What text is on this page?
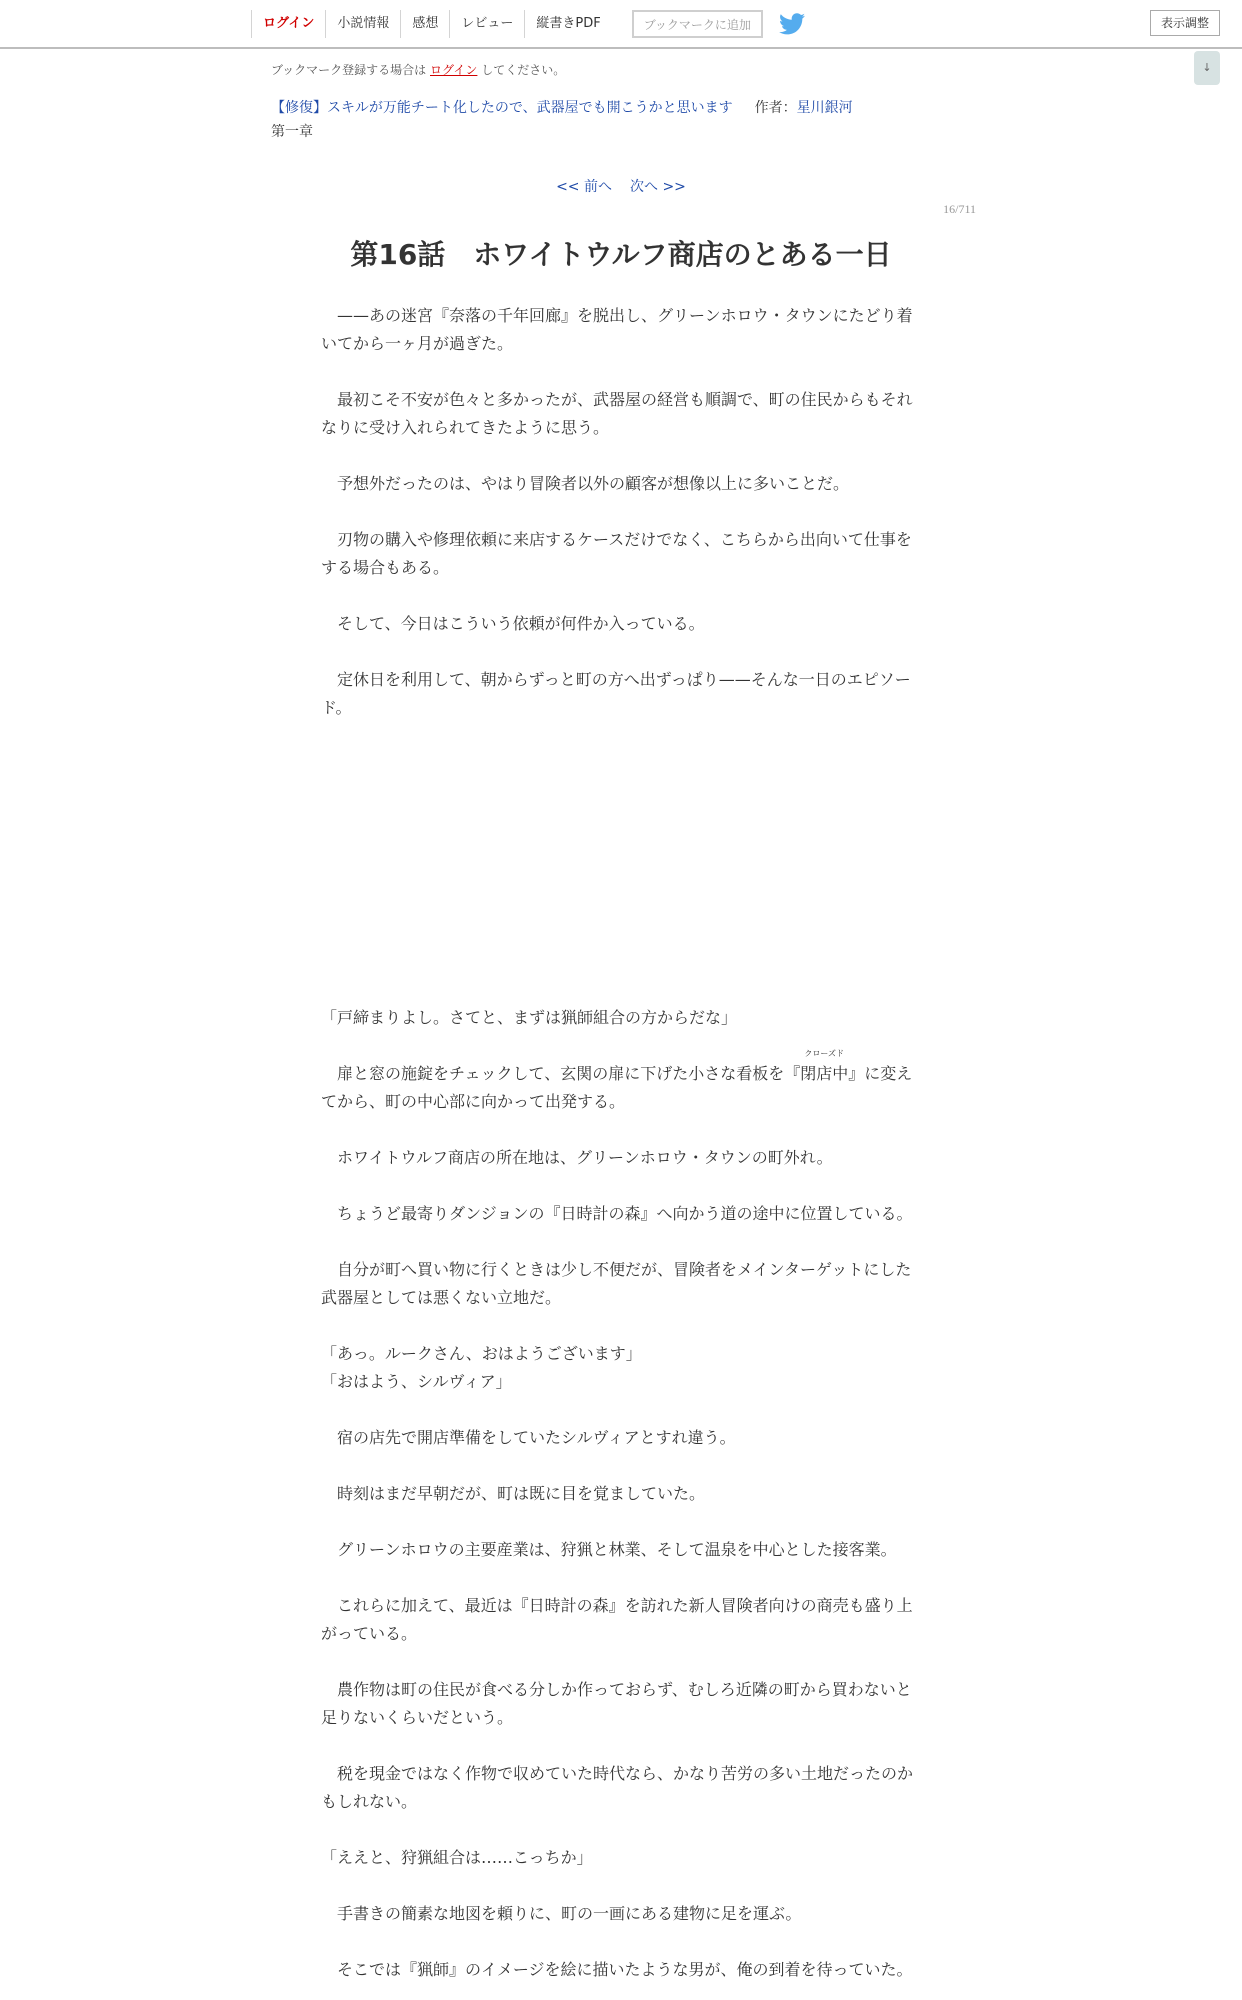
ログイン	小説情報	感想	レビュー	縦書きPDF	ブックマークに追加	表示調整
↓
ブックマーク登録する場合は ログイン してください。
【修復】スキルが万能チート化したので、武器屋でも開こうかと思います 作者：星川銀河
第一章
<< 前へ 次へ >>
16/711
第16話　ホワイトウルフ商店のとある一日

　——あの迷宮『奈落の千年回廊』を脱出し、グリーンホロウ・タウンにたどり着いてから一ヶ月が過ぎた。

　最初こそ不安が色々と多かったが、武器屋の経営も順調で、町の住民からもそれなりに受け入れられてきたように思う。

　予想外だったのは、やはり冒険者以外の顧客が想像以上に多いことだ。

　刃物の購入や修理依頼に来店するケースだけでなく、こちらから出向いて仕事をする場合もある。

　そして、今日はこういう依頼が何件か入っている。

　定休日を利用して、朝からずっと町の方へ出ずっぱり——そんな一日のエピソード。

「戸締まりよし。さてと、まずは猟師組合の方からだな」

　扉と窓の施錠をチェックして、玄関の扉に下げた小さな看板を『
クローズド
閉店中』に変えてから、町の中心部に向かって出発する。

　ホワイトウルフ商店の所在地は、グリーンホロウ・タウンの町外れ。

　ちょうど最寄りダンジョンの『日時計の森』へ向かう道の途中に位置している。

　自分が町へ買い物に行くときは少し不便だが、冒険者をメインターゲットにした武器屋としては悪くない立地だ。

「あっ。ルークさん、おはようございます」

「おはよう、シルヴィア」

　宿の店先で開店準備をしていたシルヴィアとすれ違う。

　時刻はまだ早朝だが、町は既に目を覚ましていた。

　グリーンホロウの主要産業は、狩猟と林業、そして温泉を中心とした接客業。

　これらに加えて、最近は『日時計の森』を訪れた新人冒険者向けの商売も盛り上がっている。

　農作物は町の住民が食べる分しか作っておらず、むしろ近隣の町から買わないと足りないくらいだという。

　税を現金ではなく作物で収めていた時代なら、かなり苦労の多い土地だったのかもしれない。

「ええと、狩猟組合は……こっちか」

　手書きの簡素な地図を頼りに、町の一画にある建物に足を運ぶ。

　そこでは『猟師』のイメージを絵に描いたような男が、俺の到着を待っていた。
